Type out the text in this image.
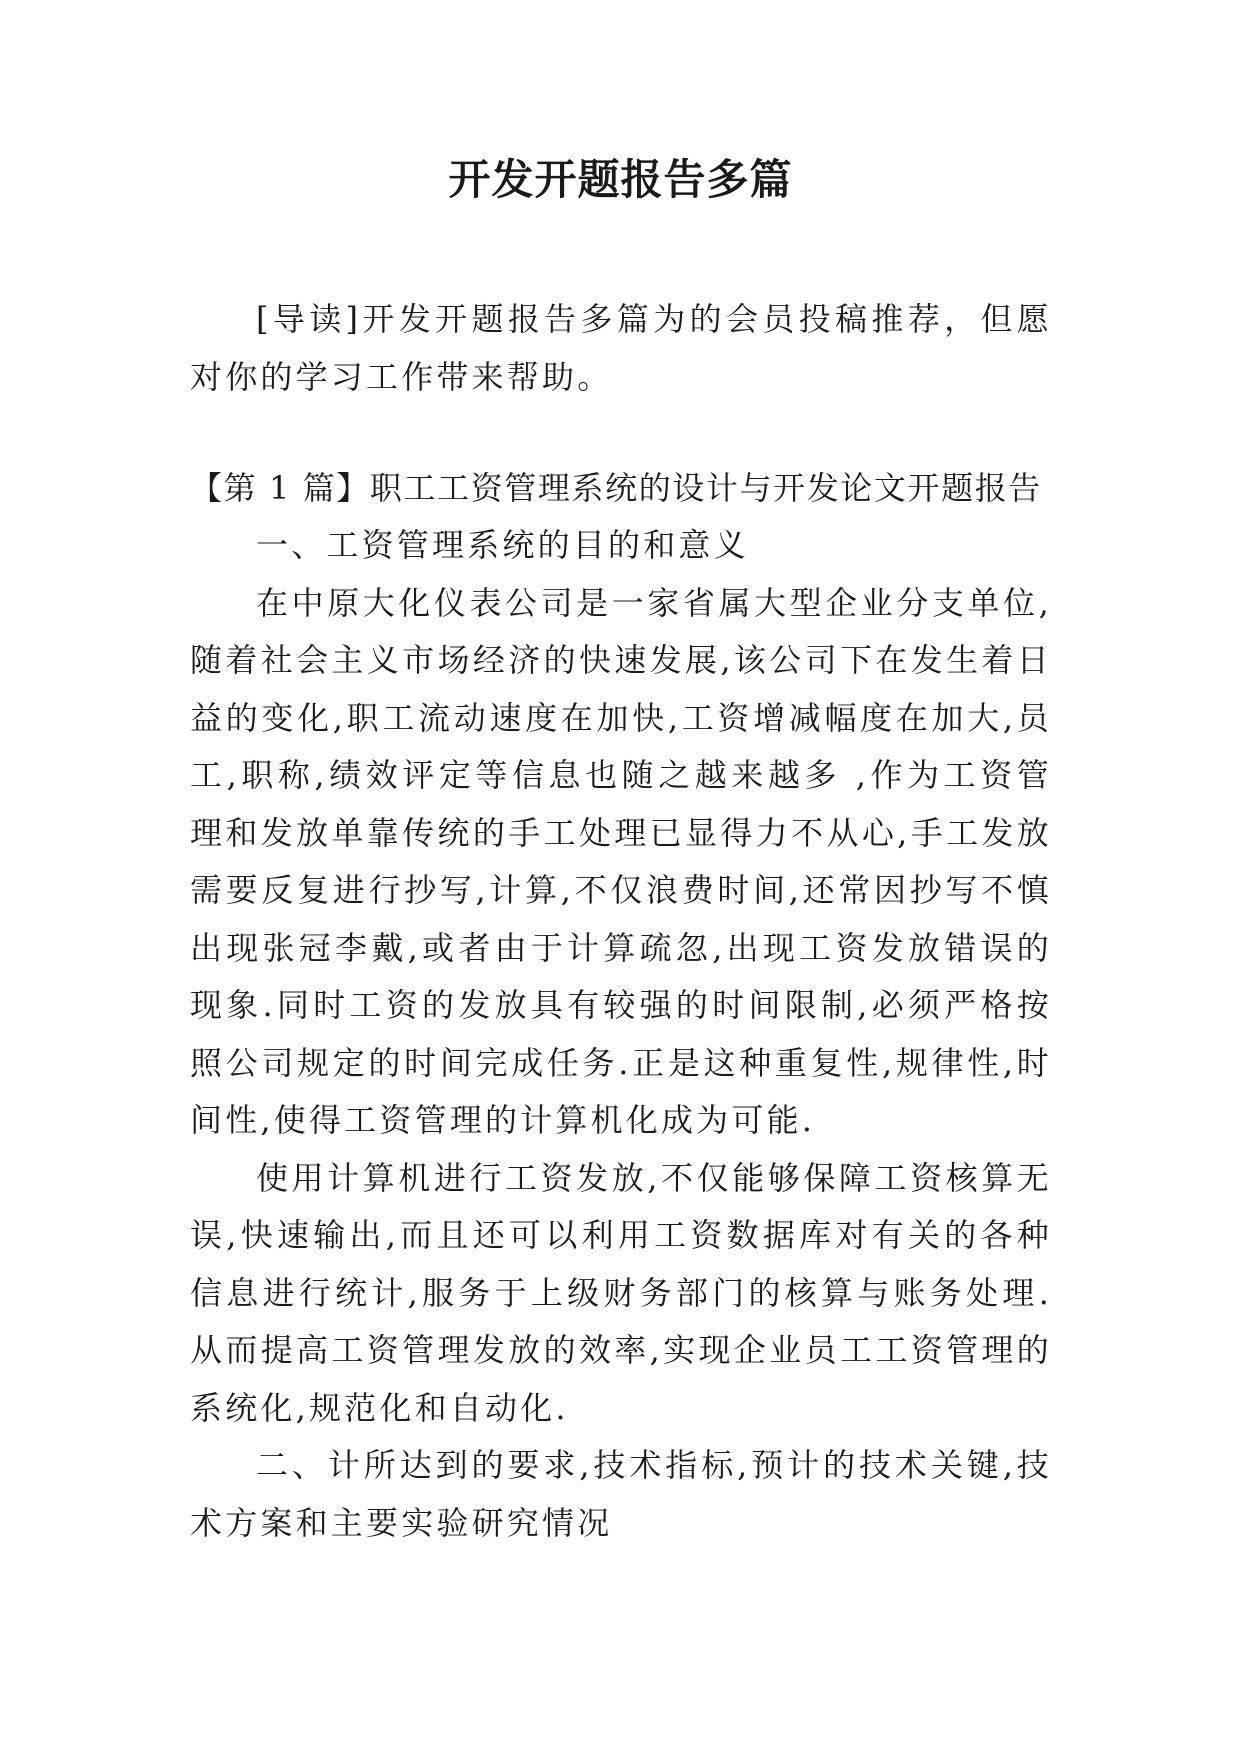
开发开题报告多篇

[导读]开发开题报告多篇为的会员投稿推荐，但愿对你的学习工作带来帮助。

【第 1 篇】职工工资管理系统的设计与开发论文开题报告

一、工资管理系统的目的和意义

在中原大化仪表公司是一家省属大型企业分支单位,随着社会主义市场经济的快速发展,该公司下在发生着日益的变化,职工流动速度在加快,工资增减幅度在加大,员工,职称,绩效评定等信息也随之越来越多 ,作为工资管理和发放单靠传统的手工处理已显得力不从心,手工发放需要反复进行抄写,计算,不仅浪费时间,还常因抄写不慎出现张冠李戴,或者由于计算疏忽,出现工资发放错误的现象.同时工资的发放具有较强的时间限制,必须严格按照公司规定的时间完成任务.正是这种重复性,规律性,时间性,使得工资管理的计算机化成为可能.

使用计算机进行工资发放,不仅能够保障工资核算无误,快速输出,而且还可以利用工资数据库对有关的各种信息进行统计,服务于上级财务部门的核算与账务处理.从而提高工资管理发放的效率,实现企业员工工资管理的系统化,规范化和自动化.

二、计所达到的要求,技术指标,预计的技术关键,技术方案和主要实验研究情况
